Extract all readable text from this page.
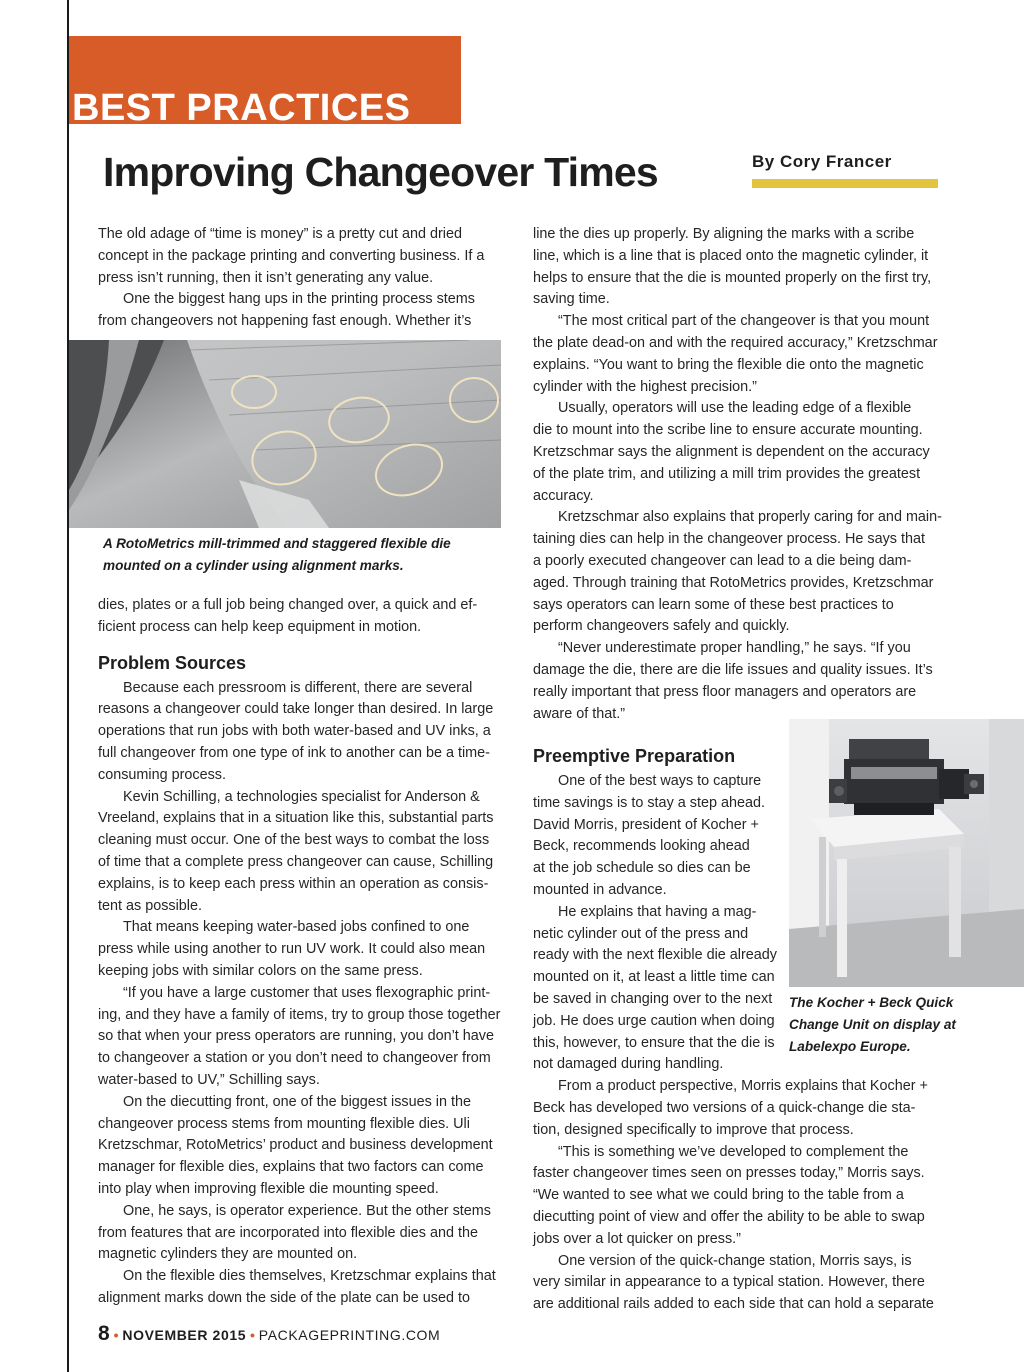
BEST PRACTICES
Improving Changeover Times	By Cory Francer

The old adage of “time is money” is a pretty cut and dried

concept in the package printing and converting business. If a

press isn’t running, then it isn’t generating any value.

One the biggest hang ups in the printing process stems

from changeovers not happening fast enough. Whether it’s

A RotoMetrics mill-trimmed and staggered flexible die
mounted on a cylinder using alignment marks.

dies, plates or a full job being changed over, a quick and ef-

ficient process can help keep equipment in motion.

Problem Sources

Because each pressroom is different, there are several

reasons a changeover could take longer than desired. In large

operations that run jobs with both water-based and UV inks, a

full changeover from one type of ink to another can be a time-

consuming process.

Kevin Schilling, a technologies specialist for Anderson &

Vreeland, explains that in a situation like this, substantial parts

cleaning must occur. One of the best ways to combat the loss

of time that a complete press changeover can cause, Schilling

explains, is to keep each press within an operation as consis-

tent as possible.

That means keeping water-based jobs confined to one

press while using another to run UV work. It could also mean

keeping jobs with similar colors on the same press.

“If you have a large customer that uses flexographic print-

ing, and they have a family of items, try to group those together

so that when your press operators are running, you don’t have

to changeover a station or you don’t need to changeover from

water-based to UV,” Schilling says.

On the diecutting front, one of the biggest issues in the

changeover process stems from mounting flexible dies. Uli

Kretzschmar, RotoMetrics’ product and business development

manager for flexible dies, explains that two factors can come

into play when improving flexible die mounting speed.

One, he says, is operator experience. But the other stems

from features that are incorporated into flexible dies and the

magnetic cylinders they are mounted on.

On the flexible dies themselves, Kretzschmar explains that

alignment marks down the side of the plate can be used to

line the dies up properly. By aligning the marks with a scribe

line, which is a line that is placed onto the magnetic cylinder, it

helps to ensure that the die is mounted properly on the first try,

saving time.

“The most critical part of the changeover is that you mount

the plate dead-on and with the required accuracy,” Kretzschmar

explains. “You want to bring the flexible die onto the magnetic

cylinder with the highest precision.”

Usually, operators will use the leading edge of a flexible

die to mount into the scribe line to ensure accurate mounting.

Kretzschmar says the alignment is dependent on the accuracy

of the plate trim, and utilizing a mill trim provides the greatest

accuracy.

Kretzschmar also explains that properly caring for and main-

taining dies can help in the changeover process. He says that

a poorly executed changeover can lead to a die being dam-

aged. Through training that RotoMetrics provides, Kretzschmar

says operators can learn some of these best practices to

perform changeovers safely and quickly.

“Never underestimate proper handling,” he says. “If you

damage the die, there are die life issues and quality issues. It’s

really important that press floor managers and operators are

aware of that.”

Preemptive Preparation

One of the best ways to capture

time savings is to stay a step ahead.

David Morris, president of Kocher +

Beck, recommends looking ahead

at the job schedule so dies can be

mounted in advance.

He explains that having a mag-

netic cylinder out of the press and

ready with the next flexible die already

mounted on it, at least a little time can

be saved in changing over to the next

job. He does urge caution when doing

this, however, to ensure that the die is

not damaged during handling.

From a product perspective, Morris explains that Kocher +

Beck has developed two versions of a quick-change die sta-

tion, designed specifically to improve that process.

“This is something we’ve developed to complement the

faster changeover times seen on presses today,” Morris says.

“We wanted to see what we could bring to the table from a

diecutting point of view and offer the ability to be able to swap

jobs over a lot quicker on press.”

One version of the quick-change station, Morris says, is

very similar in appearance to a typical station. However, there

are additional rails added to each side that can hold a separate

The Kocher + Beck Quick
Change Unit on display at
Labelexpo Europe.

8 • NOVEMBER 2015 • PACKAGEPRINTING.COM
